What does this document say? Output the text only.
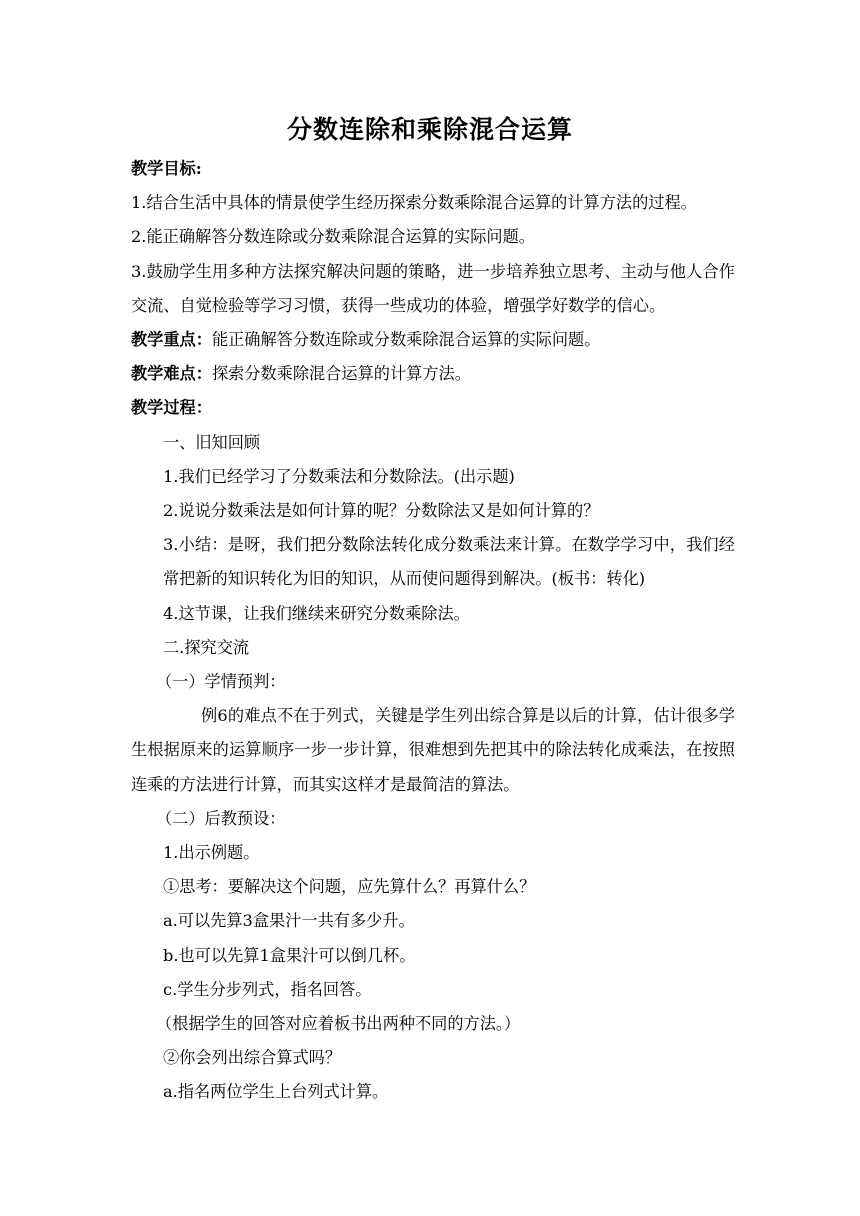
分数连除和乘除混合运算

教学目标:

1.结合生活中具体的情景使学生经历探索分数乘除混合运算的计算方法的过程。

2.能正确解答分数连除或分数乘除混合运算的实际问题。

3.鼓励学生用多种方法探究解决问题的策略，进一步培养独立思考、主动与他人合作交流、自觉检验等学习习惯，获得一些成功的体验，增强学好数学的信心。

教学重点：能正确解答分数连除或分数乘除混合运算的实际问题。

教学难点：探索分数乘除混合运算的计算方法。

教学过程：

一、旧知回顾

1.我们已经学习了分数乘法和分数除法。(出示题)

2.说说分数乘法是如何计算的呢？分数除法又是如何计算的？

3.小结：是呀，我们把分数除法转化成分数乘法来计算。在数学学习中，我们经常把新的知识转化为旧的知识，从而使问题得到解决。(板书：转化)

4.这节课，让我们继续来研究分数乘除法。

二.探究交流

（一）学情预判：

例6的难点不在于列式，关键是学生列出综合算是以后的计算，估计很多学生根据原来的运算顺序一步一步计算，很难想到先把其中的除法转化成乘法，在按照连乘的方法进行计算，而其实这样才是最简洁的算法。

（二）后教预设：

1.出示例题。

①思考：要解决这个问题，应先算什么？再算什么？

a.可以先算3盒果汁一共有多少升。

b.也可以先算1盒果汁可以倒几杯。

c.学生分步列式，指名回答。

（根据学生的回答对应着板书出两种不同的方法。）

②你会列出综合算式吗？

a.指名两位学生上台列式计算。
